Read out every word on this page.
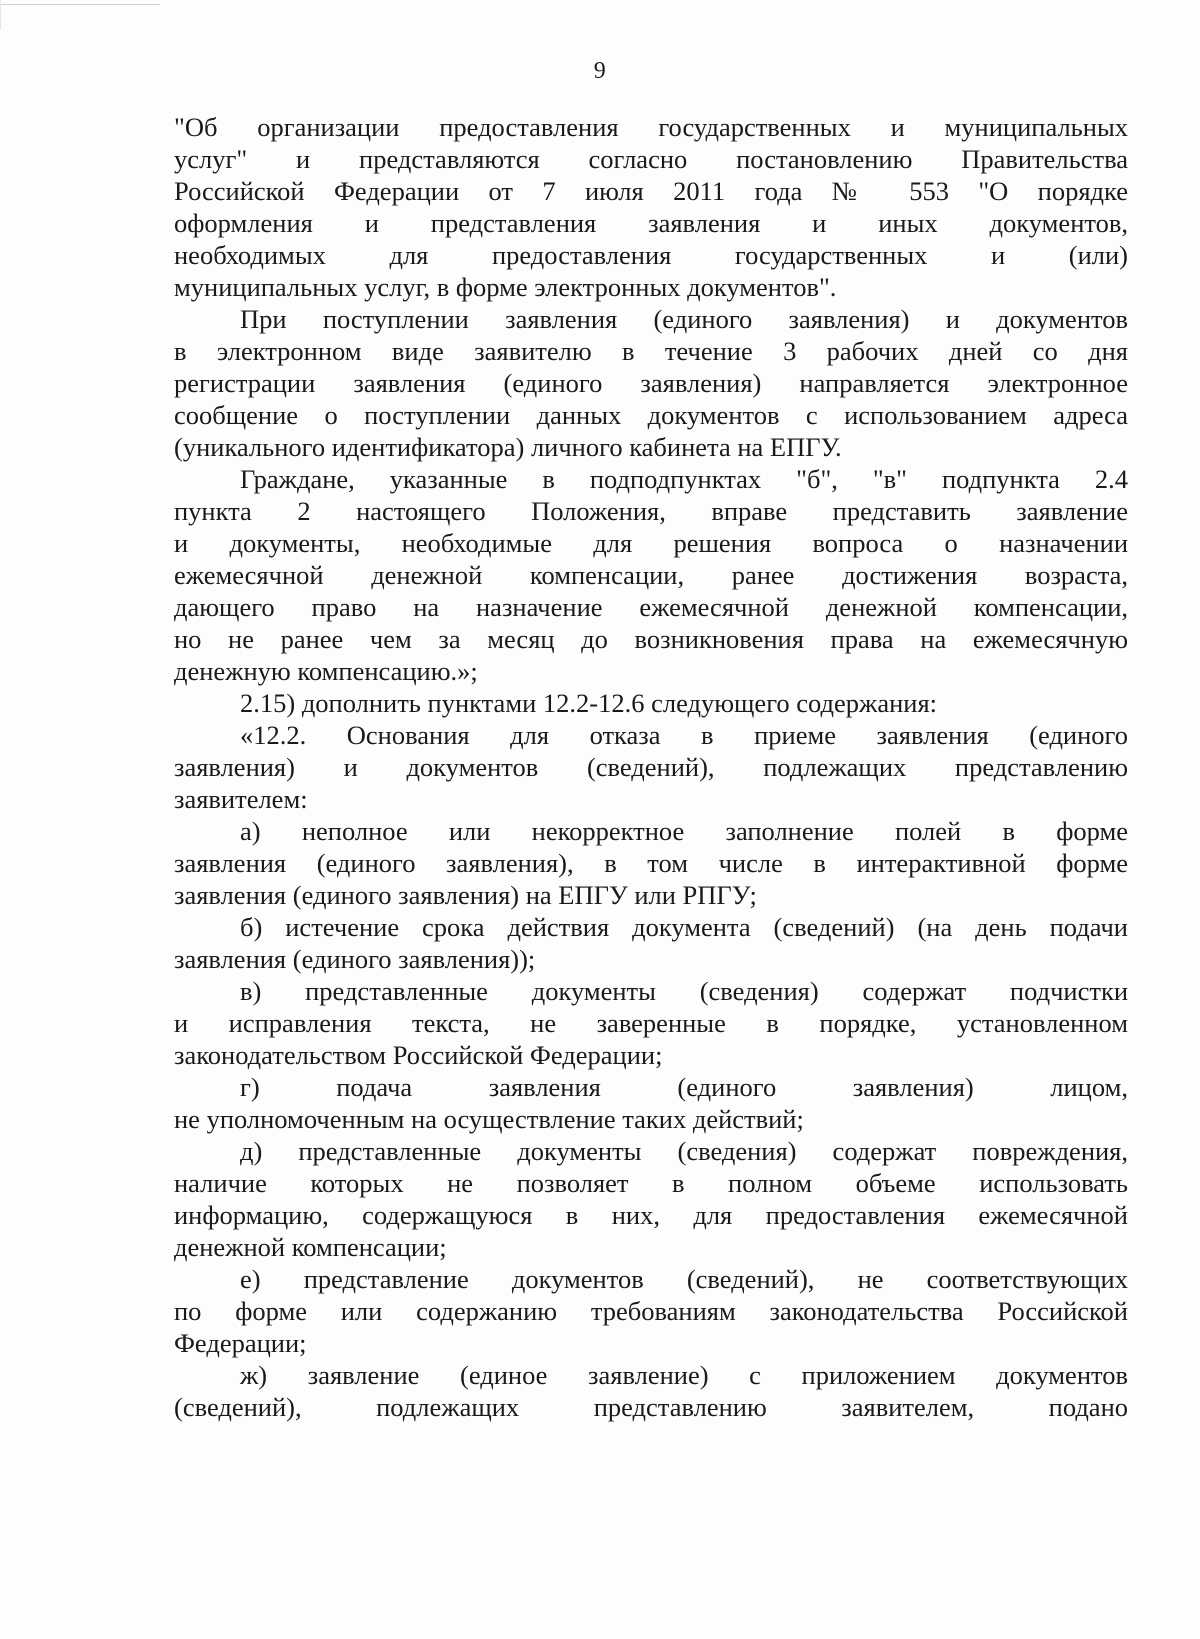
9
"Об организации предоставления государственных и муниципальных
услуг" и представляются согласно постановлению Правительства
Российской Федерации от 7 июля 2011 года № 553 "О порядке
оформления и представления заявления и иных документов,
необходимых для предоставления государственных и (или)
муниципальных услуг, в форме электронных документов".
При поступлении заявления (единого заявления) и документов
в электронном виде заявителю в течение 3 рабочих дней со дня
регистрации заявления (единого заявления) направляется электронное
сообщение о поступлении данных документов с использованием адреса
(уникального идентификатора) личного кабинета на ЕПГУ.
Граждане, указанные в подподпунктах "б", "в" подпункта 2.4
пункта 2 настоящего Положения, вправе представить заявление
и документы, необходимые для решения вопроса о назначении
ежемесячной денежной компенсации, ранее достижения возраста,
дающего право на назначение ежемесячной денежной компенсации,
но не ранее чем за месяц до возникновения права на ежемесячную
денежную компенсацию.»;
2.15) дополнить пунктами 12.2-12.6 следующего содержания:
«12.2. Основания для отказа в приеме заявления (единого
заявления) и документов (сведений), подлежащих представлению
заявителем:
а) неполное или некорректное заполнение полей в форме
заявления (единого заявления), в том числе в интерактивной форме
заявления (единого заявления) на ЕПГУ или РПГУ;
б) истечение срока действия документа (сведений) (на день подачи
заявления (единого заявления));
в) представленные документы (сведения) содержат подчистки
и исправления текста, не заверенные в порядке, установленном
законодательством Российской Федерации;
г) подача заявления (единого заявления) лицом,
не уполномоченным на осуществление таких действий;
д) представленные документы (сведения) содержат повреждения,
наличие которых не позволяет в полном объеме использовать
информацию, содержащуюся в них, для предоставления ежемесячной
денежной компенсации;
е) представление документов (сведений), не соответствующих
по форме или содержанию требованиям законодательства Российской
Федерации;
ж) заявление (единое заявление) с приложением документов
(сведений), подлежащих представлению заявителем, подано
